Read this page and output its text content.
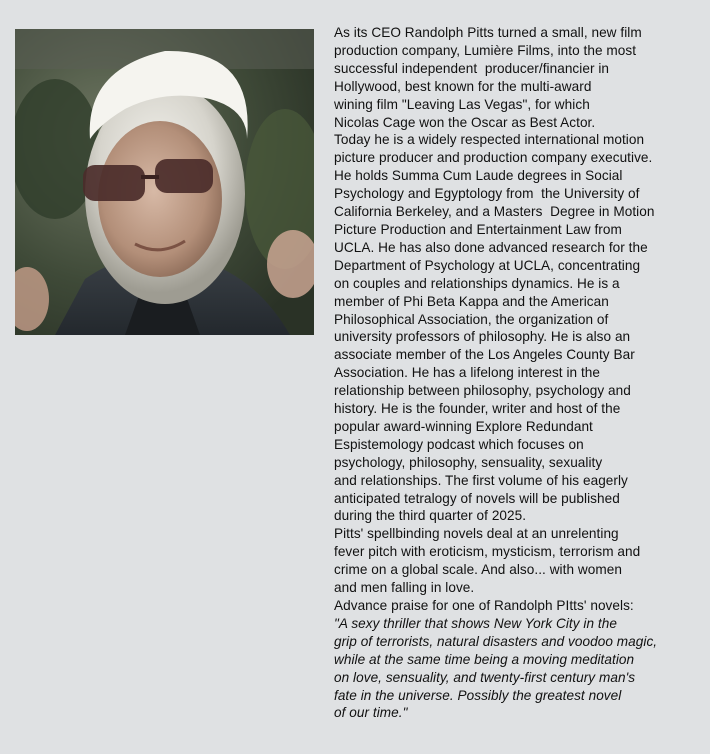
As its CEO Randolph Pitts turned a small, new film
production company, Lumière Films, into the most
successful independent  producer/financier in
Hollywood, best known for the multi-award
wining film "Leaving Las Vegas", for which
Nicolas Cage won the Oscar as Best Actor.
Today he is a widely respected international motion
picture producer and production company executive.
He holds Summa Cum Laude degrees in Social
Psychology and Egyptology from  the University of
California Berkeley, and a Masters  Degree in Motion
Picture Production and Entertainment Law from
UCLA. He has also done advanced research for the
Department of Psychology at UCLA, concentrating
on couples and relationships dynamics. He is a
member of Phi Beta Kappa and the American
Philosophical Association, the organization of
university professors of philosophy. He is also an
associate member of the Los Angeles County Bar
Association. He has a lifelong interest in the
relationship between philosophy, psychology and
history. He is the founder, writer and host of the
popular award-winning Explore Redundant
Espistemology podcast which focuses on
psychology, philosophy, sensuality, sexuality
and relationships. The first volume of his eagerly
anticipated tetralogy of novels will be published
during the third quarter of 2025.
Pitts' spellbinding novels deal at an unrelenting
fever pitch with eroticism, mysticism, terrorism and
crime on a global scale. And also... with women
and men falling in love.
Advance praise for one of Randolph PItts' novels:
"A sexy thriller that shows New York City in the
grip of terrorists, natural disasters and voodoo magic,
while at the same time being a moving meditation
on love, sensuality, and twenty-first century man's
fate in the universe. Possibly the greatest novel
of our time."
